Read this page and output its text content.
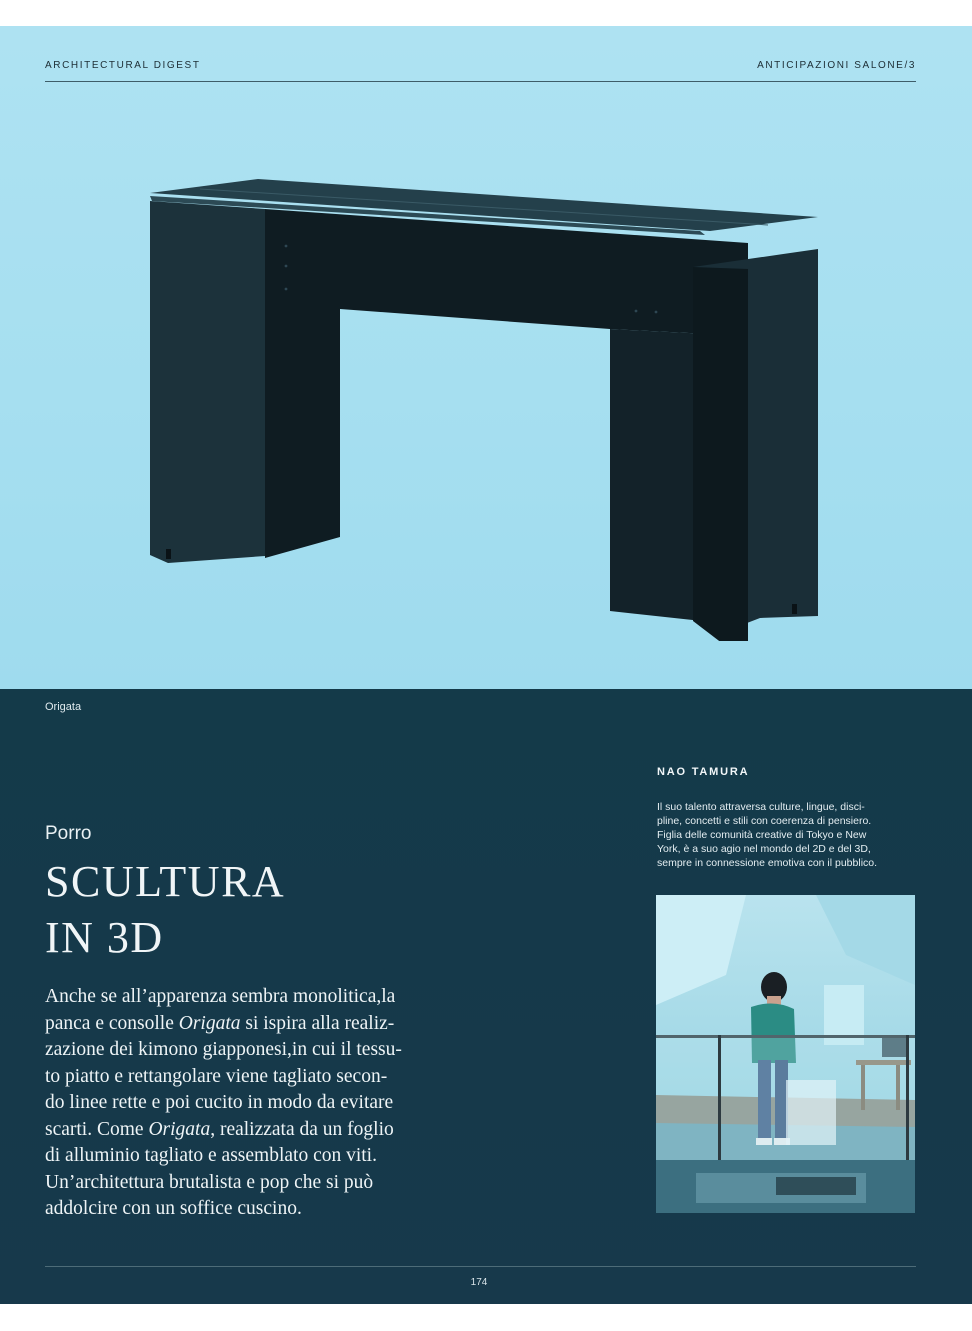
ARCHITECTURAL DIGEST	ANTICIPAZIONI SALONE/3
Origata
Porro
SCULTURA
IN 3D
Anche se all’apparenza sembra monolitica,la
panca e consolle Origata si ispira alla realiz-
zazione dei kimono giapponesi,in cui il tessu-
to piatto e rettangolare viene tagliato secon-
do linee rette e poi cucito in modo da evitare
scarti. Come Origata, realizzata da un foglio
di alluminio tagliato e assemblato con viti.
Un’architettura brutalista e pop che si può
addolcire con un soffice cuscino.
NAO TAMURA
Il suo talento attraversa culture, lingue, disci-
pline, concetti e stili con coerenza di pensiero.
Figlia delle comunità creative di Tokyo e New
York, è a suo agio nel mondo del 2D e del 3D,
sempre in connessione emotiva con il pubblico.
174
